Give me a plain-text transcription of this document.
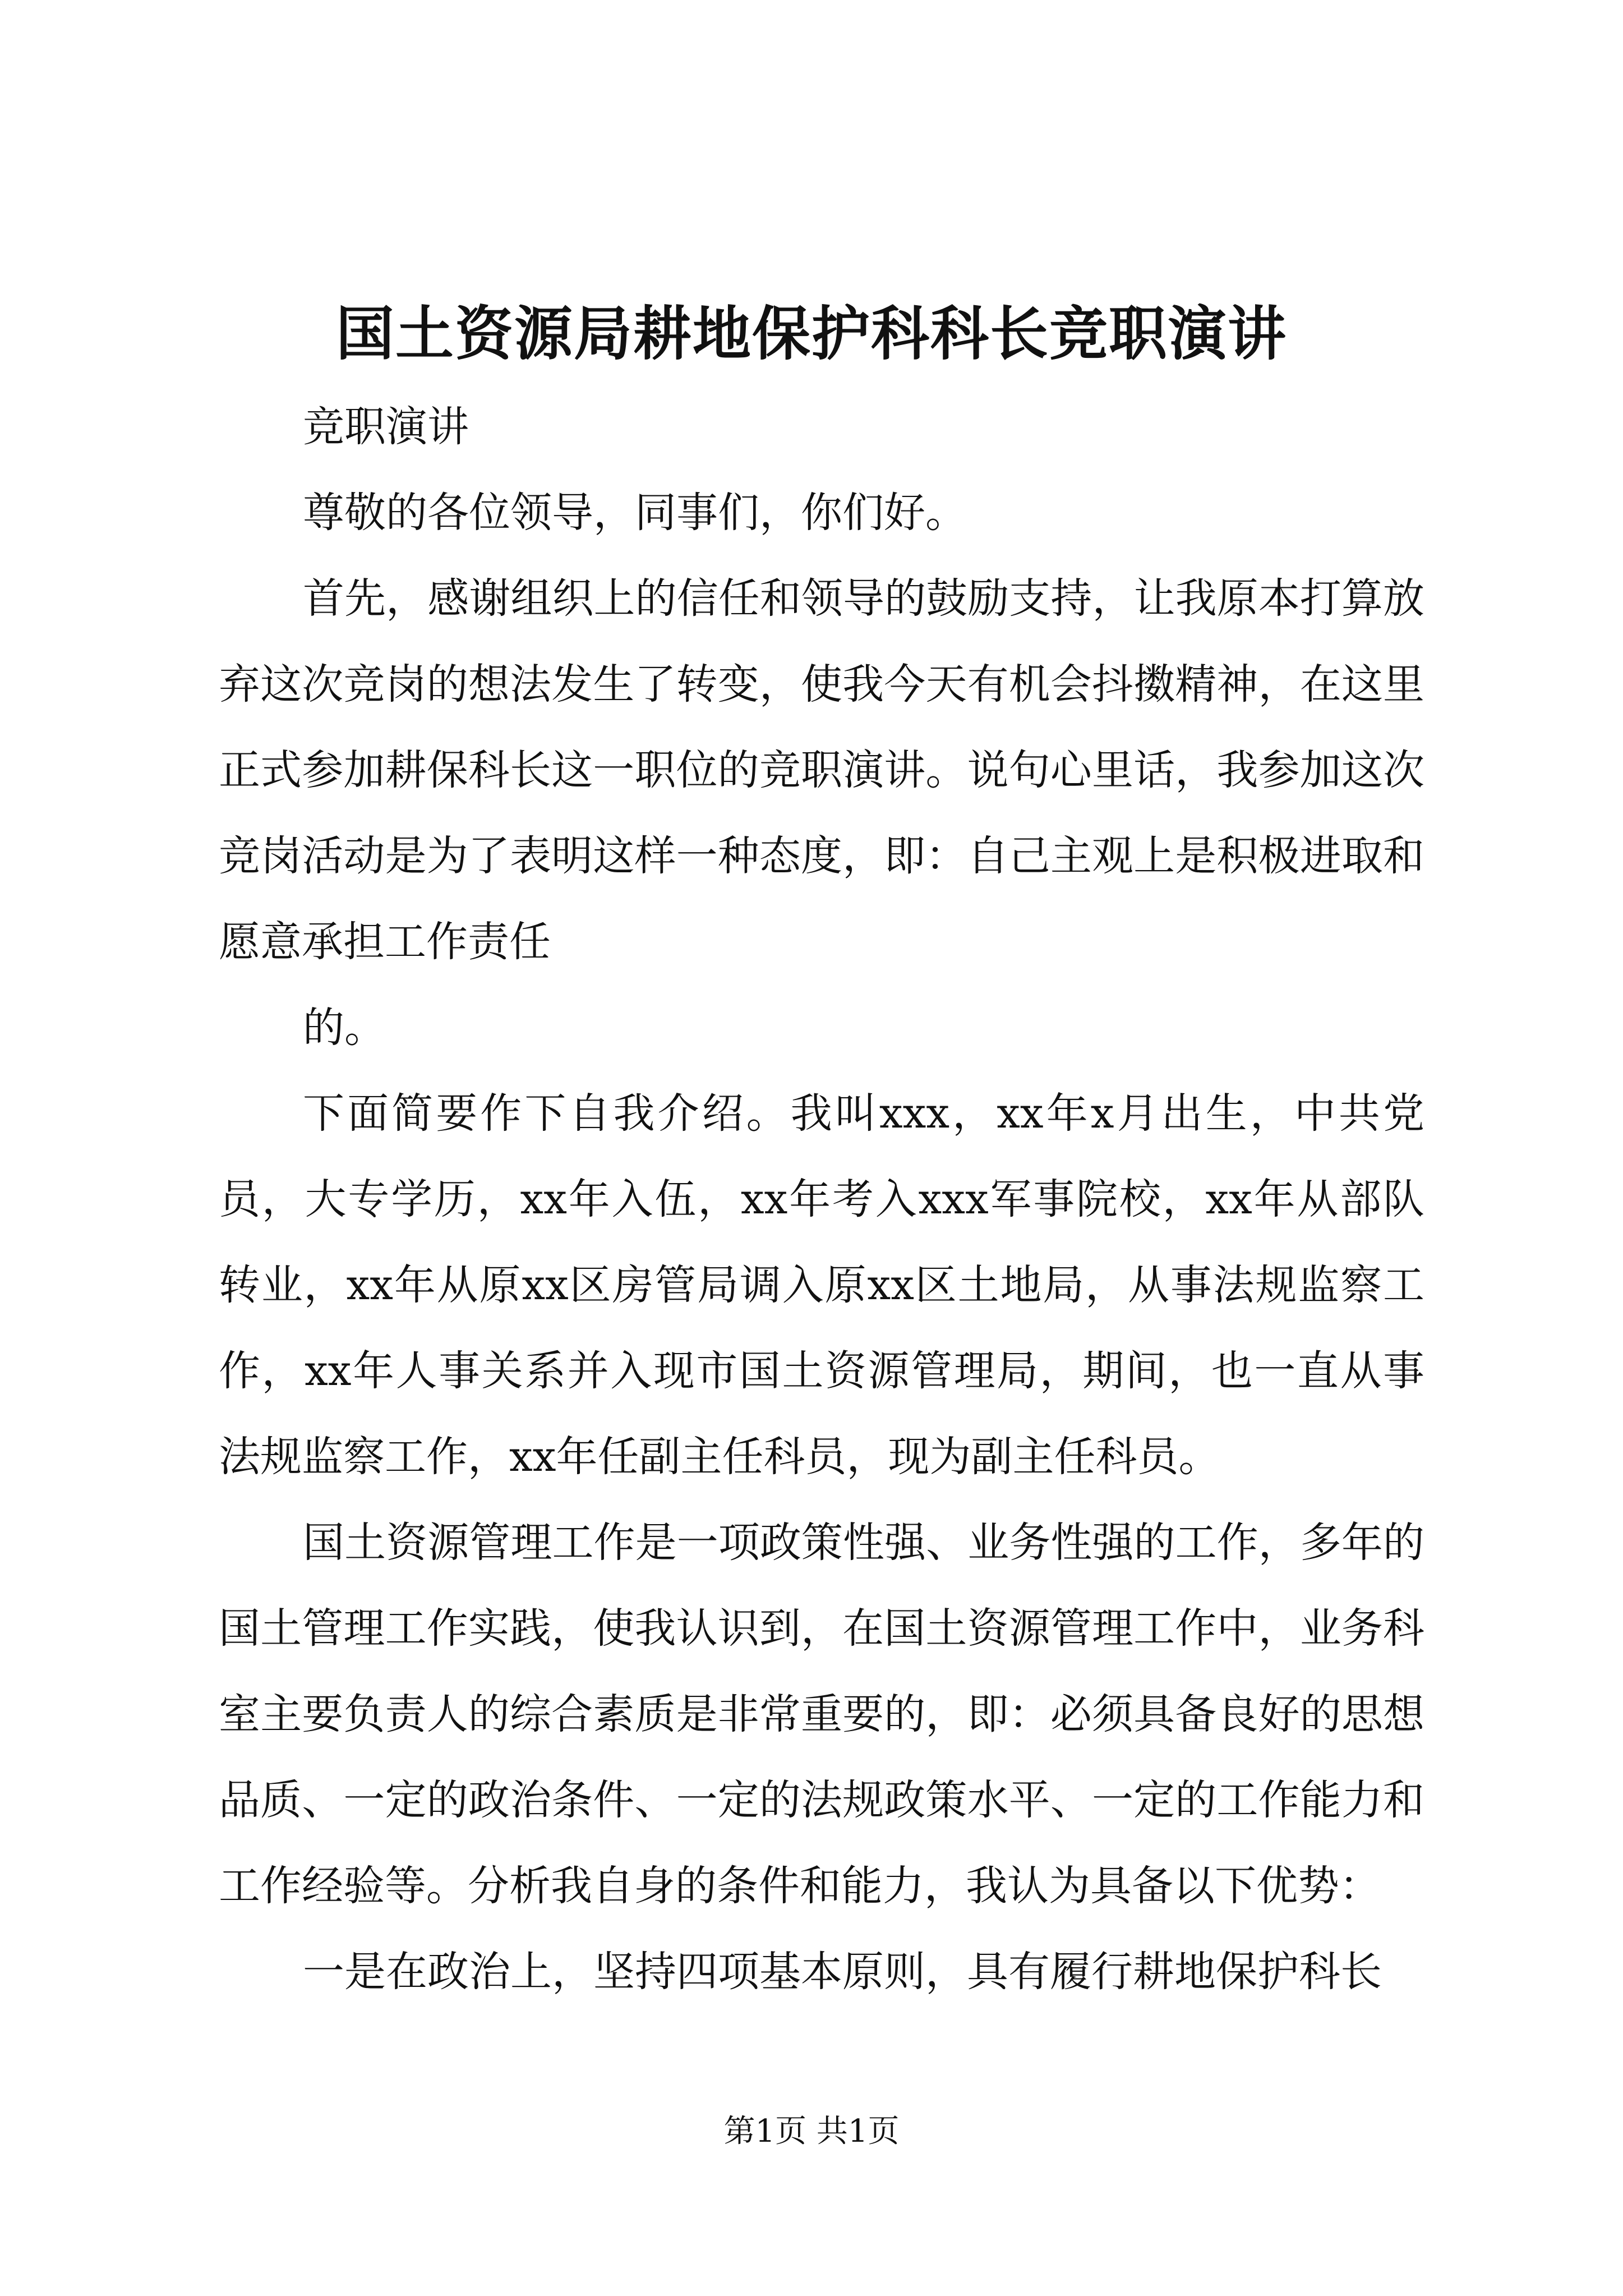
国土资源局耕地保护科科长竞职演讲

竞职演讲

尊敬的各位领导，同事们，你们好。

首先，感谢组织上的信任和领导的鼓励支持，让我原本打算放弃这次竞岗的想法发生了转变，使我今天有机会抖擞精神，在这里正式参加耕保科长这一职位的竞职演讲。说句心里话，我参加这次竞岗活动是为了表明这样一种态度，即：自己主观上是积极进取和愿意承担工作责任

的。

下面简要作下自我介绍。我叫xxx，xx年x月出生，中共党员，大专学历，xx年入伍，xx年考入xxx军事院校，xx年从部队转业，xx年从原xx区房管局调入原xx区土地局，从事法规监察工作，xx年人事关系并入现市国土资源管理局，期间，也一直从事法规监察工作，xx年任副主任科员，现为副主任科员。

国土资源管理工作是一项政策性强、业务性强的工作，多年的国土管理工作实践，使我认识到，在国土资源管理工作中，业务科室主要负责人的综合素质是非常重要的，即：必须具备良好的思想品质、一定的政治条件、一定的法规政策水平、一定的工作能力和工作经验等。分析我自身的条件和能力，我认为具备以下优势：

一是在政治上，坚持四项基本原则，具有履行耕地保护科长

第1页 共1页
